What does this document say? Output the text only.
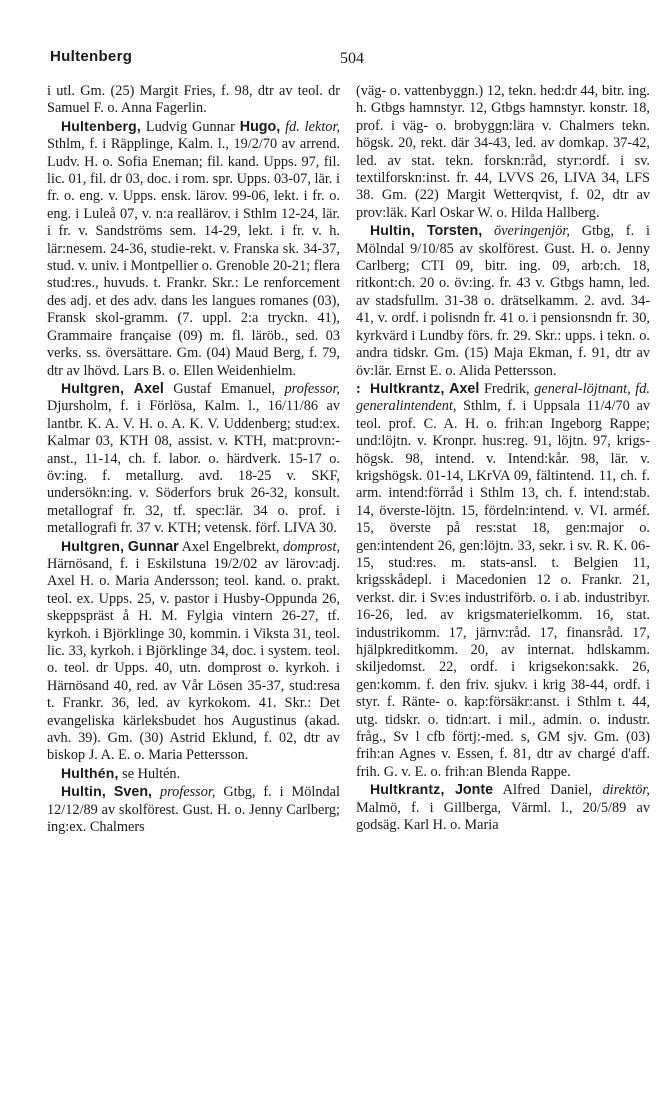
Hultenberg	504

i utl. Gm. (25) Margit Fries, f. 98, dtr av teol. dr Samuel F. o. Anna Fagerlin.

Hultenberg, Ludvig Gunnar Hugo, fd. lektor, Sthlm, f. i Räpplinge, Kalm. l., 19/2/70 av arrend. Ludv. H. o. Sofia Eneman; fil. kand. Upps. 97, fil. lic. 01, fil. dr 03, doc. i rom. spr. Upps. 03-07, lär. i fr. o. eng. v. Upps. ensk. lärov. 99-06, lekt. i fr. o. eng. i Luleå 07, v. n:a reallärov. i Sthlm 12-24, lär. i fr. v. Sandströms sem. 14-29, lekt. i fr. v. h. lär:nesem. 24-36, studie-rekt. v. Franska sk. 34-37, stud. v. univ. i Montpellier o. Grenoble 20-21; flera stud:res., huvuds. t. Frankr. Skr.: Le renforcement des adj. et des adv. dans les langues romanes (03), Fransk skol-gramm. (7. uppl. 2:a tryckn. 41), Grammaire française (09) m. fl. läröb., sed. 03 verks. ss. översättare. Gm. (04) Maud Berg, f. 79, dtr av lhövd. Lars B. o. Ellen Weidenhielm.

Hultgren, Axel Gustaf Emanuel, professor, Djursholm, f. i Förlösa, Kalm. l., 16/11/86 av lantbr. K. A. V. H. o. A. K. V. Uddenberg; stud:ex. Kalmar 03, KTH 08, assist. v. KTH, mat:provn:-anst., 11-14, ch. f. labor. o. härdverk. 15-17 o. öv:ing. f. metallurg. avd. 18-25 v. SKF, undersökn:ing. v. Söderfors bruk 26-32, konsult. metallograf fr. 32, tf. spec:lär. 34 o. prof. i metallografi fr. 37 v. KTH; vetensk. förf. LIVA 30.

Hultgren, Gunnar Axel Engelbrekt, domprost, Härnösand, f. i Eskilstuna 19/2/02 av lärov:adj. Axel H. o. Maria Andersson; teol. kand. o. prakt. teol. ex. Upps. 25, v. pastor i Husby-Oppunda 26, skeppspräst å H. M. Fylgia vintern 26-27, tf. kyrkoh. i Björklinge 30, kommin. i Viksta 31, teol. lic. 33, kyrkoh. i Björklinge 34, doc. i system. teol. o. teol. dr Upps. 40, utn. domprost o. kyrkoh. i Härnösand 40, red. av Vår Lösen 35-37, stud:resa t. Frankr. 36, led. av kyrkokom. 41. Skr.: Det evangeliska kärleksbudet hos Augustinus (akad. avh. 39). Gm. (30) Astrid Eklund, f. 02, dtr av biskop J. A. E. o. Maria Pettersson.

Hulthén, se Hultén.

Hultin, Sven, professor, Gtbg, f. i Mölndal 12/12/89 av skolförest. Gust. H. o. Jenny Carlberg; ing:ex. Chalmers

(väg- o. vattenbyggn.) 12, tekn. hed:dr 44, bitr. ing. h. Gtbgs hamnstyr. 12, Gtbgs hamnstyr. konstr. 18, prof. i väg- o. brobyggn:lära v. Chalmers tekn. högsk. 20, rekt. där 34-43, led. av domkap. 37-42, led. av stat. tekn. forskn:råd, styr:ordf. i sv. textilforskn:inst. fr. 44, LVVS 26, LIVA 34, LFS 38. Gm. (22) Margit Wetterqvist, f. 02, dtr av prov:läk. Karl Oskar W. o. Hilda Hallberg.

Hultin, Torsten, överingenjör, Gtbg, f. i Mölndal 9/10/85 av skolförest. Gust. H. o. Jenny Carlberg; CTI 09, bitr. ing. 09, arb:ch. 18, ritkont:ch. 20 o. öv:ing. fr. 43 v. Gtbgs hamn, led. av stadsfullm. 31-38 o. drätselkamm. 2. avd. 34-41, v. ordf. i polisndn fr. 41 o. i pensionsndn fr. 30, kyrkvärd i Lundby förs. fr. 29. Skr.: upps. i tekn. o. andra tidskr. Gm. (15) Maja Ekman, f. 91, dtr av öv:lär. Ernst E. o. Alida Pettersson.

: Hultkrantz, Axel Fredrik, general-löjtnant, fd. generalintendent, Sthlm, f. i Uppsala 11/4/70 av teol. prof. C. A. H. o. frih:an Ingeborg Rappe; und:löjtn. v. Kronpr. hus:reg. 91, löjtn. 97, krigs-högsk. 98, intend. v. Intend:kår. 98, lär. v. krigshögsk. 01-14, LKrVA 09, fältintend. 11, ch. f. arm. intend:förråd i Sthlm 13, ch. f. intend:stab. 14, överste-löjtn. 15, fördeln:intend. v. VI. arméf. 15, överste på res:stat 18, gen:major o. gen:intendent 26, gen:löjtn. 33, sekr. i sv. R. K. 06-15, stud:res. m. stats-ansl. t. Belgien 11, krigsskådepl. i Macedonien 12 o. Frankr. 21, verkst. dir. i Sv:es industriförb. o. i ab. industribyr. 16-26, led. av krigsmaterielkomm. 16, stat. industrikomm. 17, järnv:råd. 17, finansråd. 17, hjälpkreditkomm. 20, av internat. hdlskamm. skiljedomst. 22, ordf. i krigsekon:sakk. 26, gen:komm. f. den friv. sjukv. i krig 38-44, ordf. i styr. f. Ränte- o. kap:försäkr:anst. i Sthlm t. 44, utg. tidskr. o. tidn:art. i mil., admin. o. industr. fråg., Sv l cfb förtj:-med. s, GM sjv. Gm. (03) frih:an Agnes v. Essen, f. 81, dtr av chargé d'aff. frih. G. v. E. o. frih:an Blenda Rappe.

Hultkrantz, Jonte Alfred Daniel, direktör, Malmö, f. i Gillberga, Värml. l., 20/5/89 av godsäg. Karl H. o. Maria
